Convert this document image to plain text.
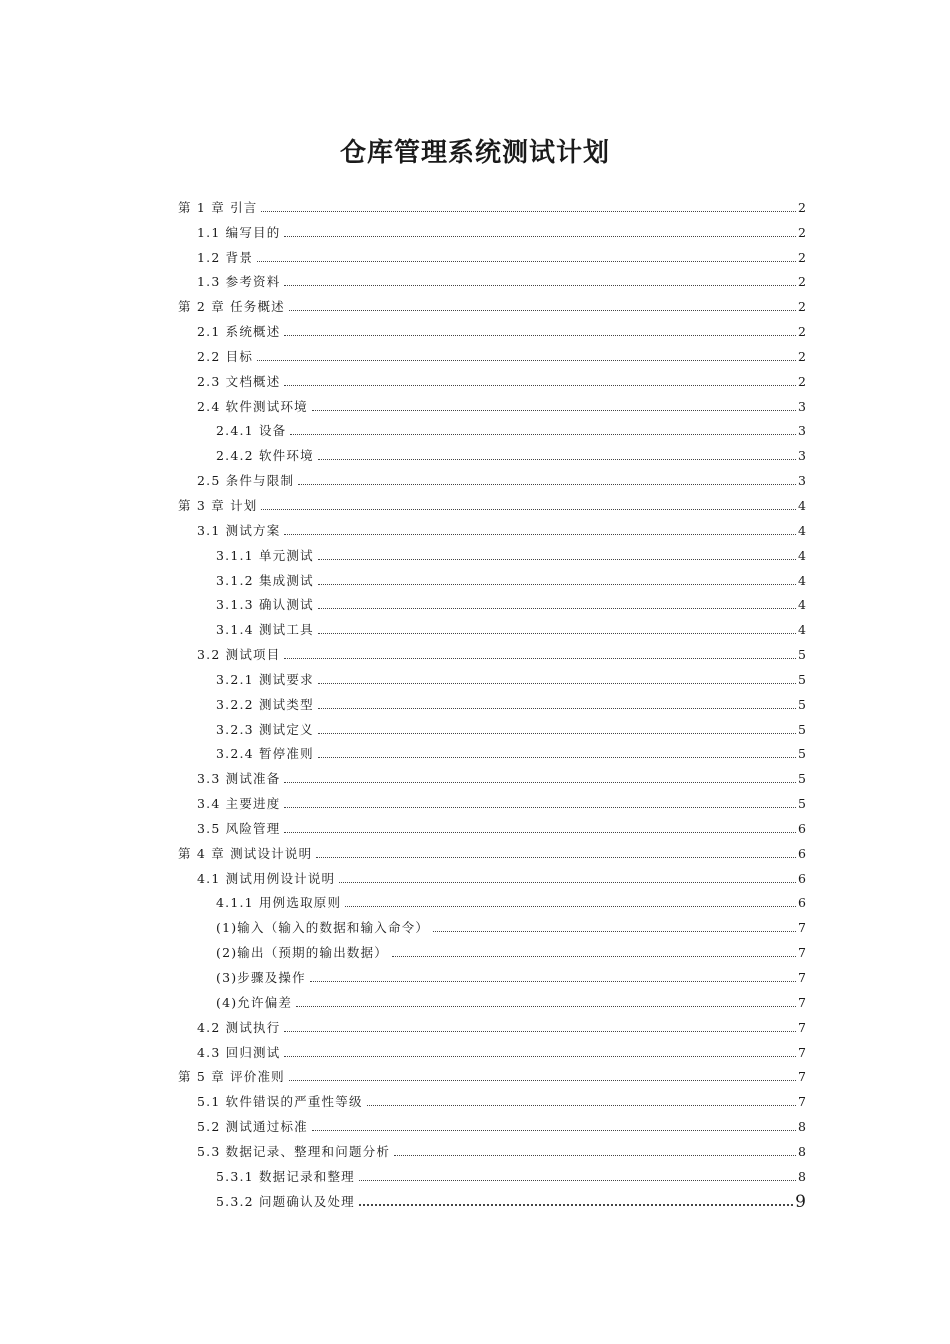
仓库管理系统测试计划
第 1 章 引言	2
1.1 编写目的	2
1.2 背景	2
1.3 参考资料	2
第 2 章 任务概述	2
2.1 系统概述	2
2.2 目标	2
2.3 文档概述	2
2.4 软件测试环境	3
2.4.1 设备	3
2.4.2 软件环境	3
2.5 条件与限制	3
第 3 章 计划	4
3.1 测试方案	4
3.1.1 单元测试	4
3.1.2 集成测试	4
3.1.3 确认测试	4
3.1.4 测试工具	4
3.2 测试项目	5
3.2.1 测试要求	5
3.2.2 测试类型	5
3.2.3 测试定义	5
3.2.4 暂停准则	5
3.3 测试准备	5
3.4 主要进度	5
3.5 风险管理	6
第 4 章 测试设计说明	6
4.1 测试用例设计说明	6
4.1.1 用例选取原则	6
(1)输入（输入的数据和输入命令）	7
(2)输出（预期的输出数据）	7
(3)步骤及操作	7
(4)允许偏差	7
4.2 测试执行	7
4.3 回归测试	7
第 5 章 评价准则	7
5.1 软件错误的严重性等级	7
5.2 测试通过标准	8
5.3 数据记录、整理和问题分析	8
5.3.1 数据记录和整理	8
5.3.2 问题确认及处理	9
